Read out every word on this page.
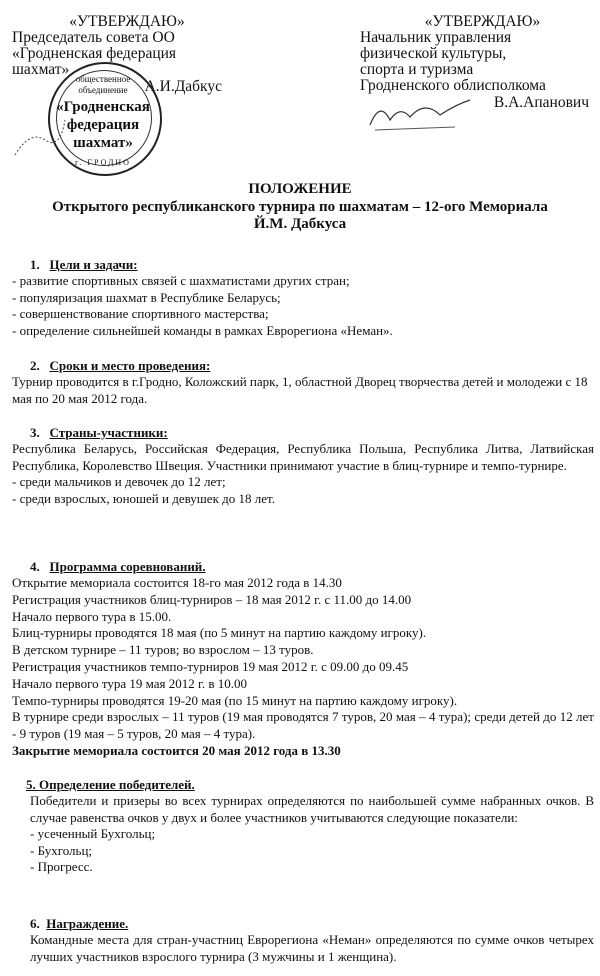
«УТВЕРЖДАЮ»
Председатель совета ОО
«Гродненская федерация
шахмат»
А.И.Дабкус
общественное
объединение
«Гродненская
федерация
шахмат»
г. ГРОДНО
«УТВЕРЖДАЮ»
Начальник управления
физической культуры,
спорта и туризма
Гродненского облисполкома
В.А.Апанович
ПОЛОЖЕНИЕ
Открытого республиканского турнира по шахматам – 12-ого Мемориала
Й.М. Дабкуса
1. Цели и задачи:
- развитие спортивных связей с шахматистами других стран;
- популяризация шахмат в Республике Беларусь;
- совершенствование спортивного мастерства;
- определение сильнейшей команды в рамках Еврорегиона «Неман».
2. Сроки и место проведения:
Турнир проводится в г.Гродно, Коложский парк, 1, областной Дворец творчества детей и молодежи с 18 мая по 20 мая 2012 года.
3. Страны-участники:
Республика Беларусь, Российская Федерация, Республика Польша, Республика Литва, Латвийская Республика, Королевство Швеция. Участники принимают участие в блиц-турнире и темпо-турнире.
- среди мальчиков и девочек до 12 лет;
- среди взрослых, юношей и девушек до 18 лет.
4. Программа соревнований.
Открытие мемориала состоится 18-го мая 2012 года в 14.30
Регистрация участников блиц-турниров – 18 мая 2012 г. с 11.00 до 14.00
Начало первого тура в 15.00.
Блиц-турниры проводятся 18 мая (по 5 минут на партию каждому игроку).
В детском турнире – 11 туров; во взрослом – 13 туров.
Регистрация участников темпо-турниров 19 мая 2012 г. с 09.00 до 09.45
Начало первого тура 19 мая 2012 г. в 10.00
Темпо-турниры проводятся 19-20 мая (по 15 минут на партию каждому игроку).
В турнире среди взрослых – 11 туров (19 мая проводятся 7 туров, 20 мая – 4 тура); среди детей до 12 лет - 9 туров (19 мая – 5 туров, 20 мая – 4 тура).
Закрытие мемориала состоится 20 мая 2012 года в 13.30
5. Определение победителей.
Победители и призеры во всех турнирах определяются по наибольшей сумме набранных очков. В случае равенства очков у двух и более участников учитываются следующие показатели:
- усеченный Бухгольц;
- Бухгольц;
- Прогресс.
6. Награждение.
Командные места для стран-участниц Еврорегиона «Неман» определяются по сумме очков четырех лучших участников взрослого турнира (3 мужчины и 1 женщина).
